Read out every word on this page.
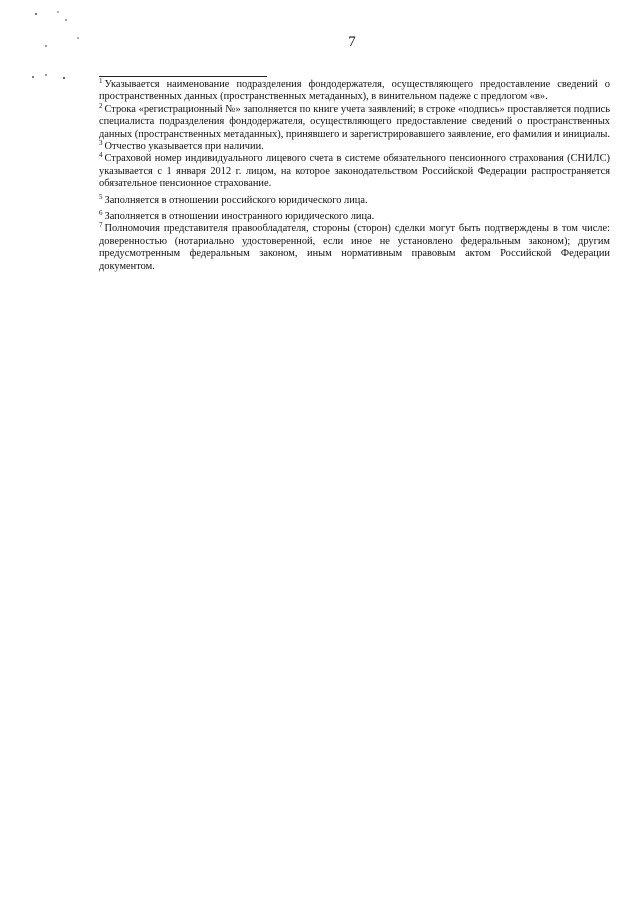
7

$^1$ Указывается наименование подразделения фондодержателя, осуществляющего предоставление сведений о пространственных данных (пространственных метаданных), в винительном падеже с предлогом «в».

$^2$ Строка «регистрационный №» заполняется по книге учета заявлений; в строке «подпись» проставляется подпись специалиста подразделения фондодержателя, осуществляющего предоставление сведений о пространственных данных (пространственных метаданных), принявшего и зарегистрировавшего заявление, его фамилия и инициалы.

$^3$ Отчество указывается при наличии.

$^4$ Страховой номер индивидуального лицевого счета в системе обязательного пенсионного страхования (СНИЛС) указывается с 1 января 2012 г. лицом, на которое законодательством Российской Федерации распространяется обязательное пенсионное страхование.

$^5$ Заполняется в отношении российского юридического лица.

$^6$ Заполняется в отношении иностранного юридического лица.

$^7$ Полномочия представителя правообладателя, стороны (сторон) сделки могут быть подтверждены в том числе: доверенностью (нотариально удостоверенной, если иное не установлено федеральным законом); другим предусмотренным федеральным законом, иным нормативным правовым актом Российской Федерации документом.
